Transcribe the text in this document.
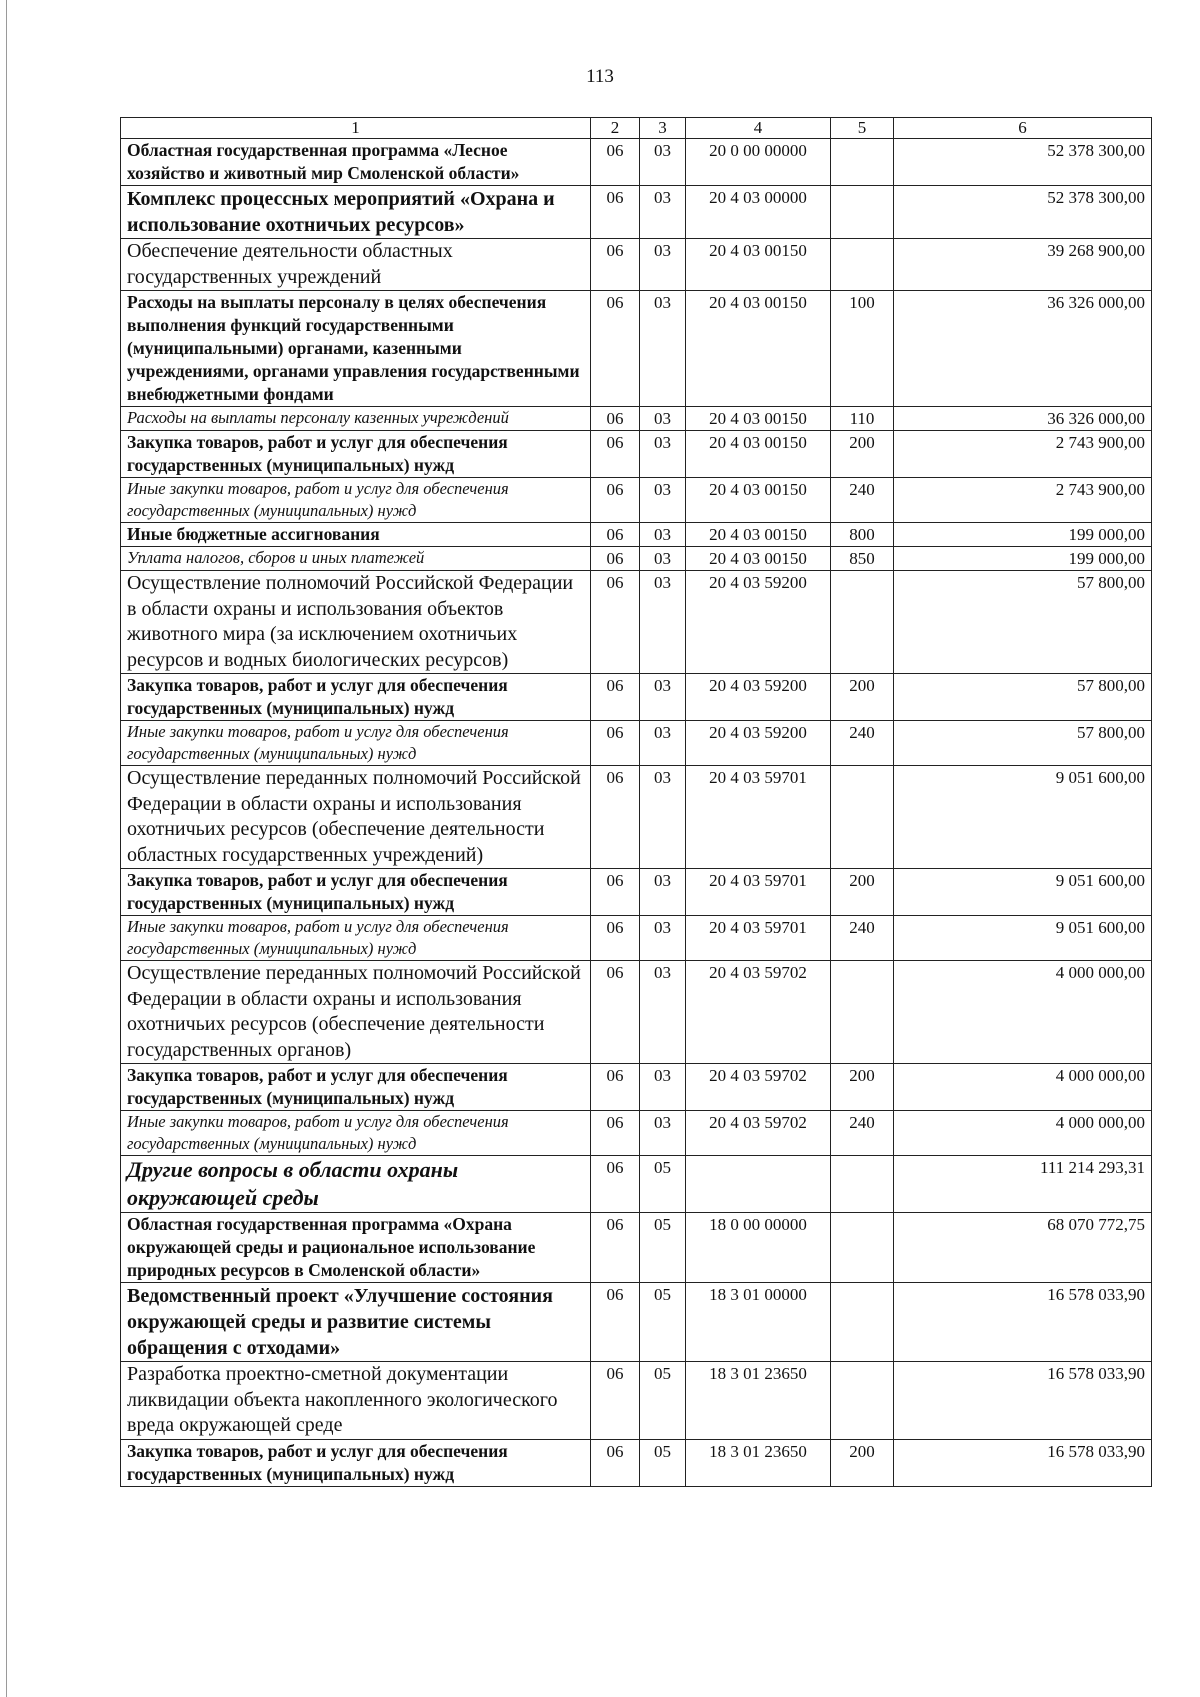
113
1	2	3	4	5	6
Областная государственная программа «Лесное хозяйство и животный мир Смоленской области»	06	03	20 0 00 00000		52 378 300,00
Комплекс процессных мероприятий «Охрана и использование охотничьих ресурсов»	06	03	20 4 03 00000		52 378 300,00
Обеспечение деятельности областных государственных учреждений	06	03	20 4 03 00150		39 268 900,00
Расходы на выплаты персоналу в целях обеспечения выполнения функций государственными (муниципальными) органами, казенными учреждениями, органами управления государственными внебюджетными фондами	06	03	20 4 03 00150	100	36 326 000,00
Расходы на выплаты персоналу казенных учреждений	06	03	20 4 03 00150	110	36 326 000,00
Закупка товаров, работ и услуг для обеспечения государственных (муниципальных) нужд	06	03	20 4 03 00150	200	2 743 900,00
Иные закупки товаров, работ и услуг для обеспечения государственных (муниципальных) нужд	06	03	20 4 03 00150	240	2 743 900,00
Иные бюджетные ассигнования	06	03	20 4 03 00150	800	199 000,00
Уплата налогов, сборов и иных платежей	06	03	20 4 03 00150	850	199 000,00
Осуществление полномочий Российской Федерации в области охраны и использования объектов животного мира (за исключением охотничьих ресурсов и водных биологических ресурсов)	06	03	20 4 03 59200		57 800,00
Закупка товаров, работ и услуг для обеспечения государственных (муниципальных) нужд	06	03	20 4 03 59200	200	57 800,00
Иные закупки товаров, работ и услуг для обеспечения государственных (муниципальных) нужд	06	03	20 4 03 59200	240	57 800,00
Осуществление переданных полномочий Российской Федерации в области охраны и использования охотничьих ресурсов (обеспечение деятельности областных государственных учреждений)	06	03	20 4 03 59701		9 051 600,00
Закупка товаров, работ и услуг для обеспечения государственных (муниципальных) нужд	06	03	20 4 03 59701	200	9 051 600,00
Иные закупки товаров, работ и услуг для обеспечения государственных (муниципальных) нужд	06	03	20 4 03 59701	240	9 051 600,00
Осуществление переданных полномочий Российской Федерации в области охраны и использования охотничьих ресурсов (обеспечение деятельности государственных органов)	06	03	20 4 03 59702		4 000 000,00
Закупка товаров, работ и услуг для обеспечения государственных (муниципальных) нужд	06	03	20 4 03 59702	200	4 000 000,00
Иные закупки товаров, работ и услуг для обеспечения государственных (муниципальных) нужд	06	03	20 4 03 59702	240	4 000 000,00
Другие вопросы в области охраны окружающей среды	06	05			111 214 293,31
Областная государственная программа «Охрана окружающей среды и рациональное использование природных ресурсов в Смоленской области»	06	05	18 0 00 00000		68 070 772,75
Ведомственный проект «Улучшение состояния окружающей среды и развитие системы обращения с отходами»	06	05	18 3 01 00000		16 578 033,90
Разработка проектно-сметной документации ликвидации объекта накопленного экологического вреда окружающей среде	06	05	18 3 01 23650		16 578 033,90
Закупка товаров, работ и услуг для обеспечения государственных (муниципальных) нужд	06	05	18 3 01 23650	200	16 578 033,90
